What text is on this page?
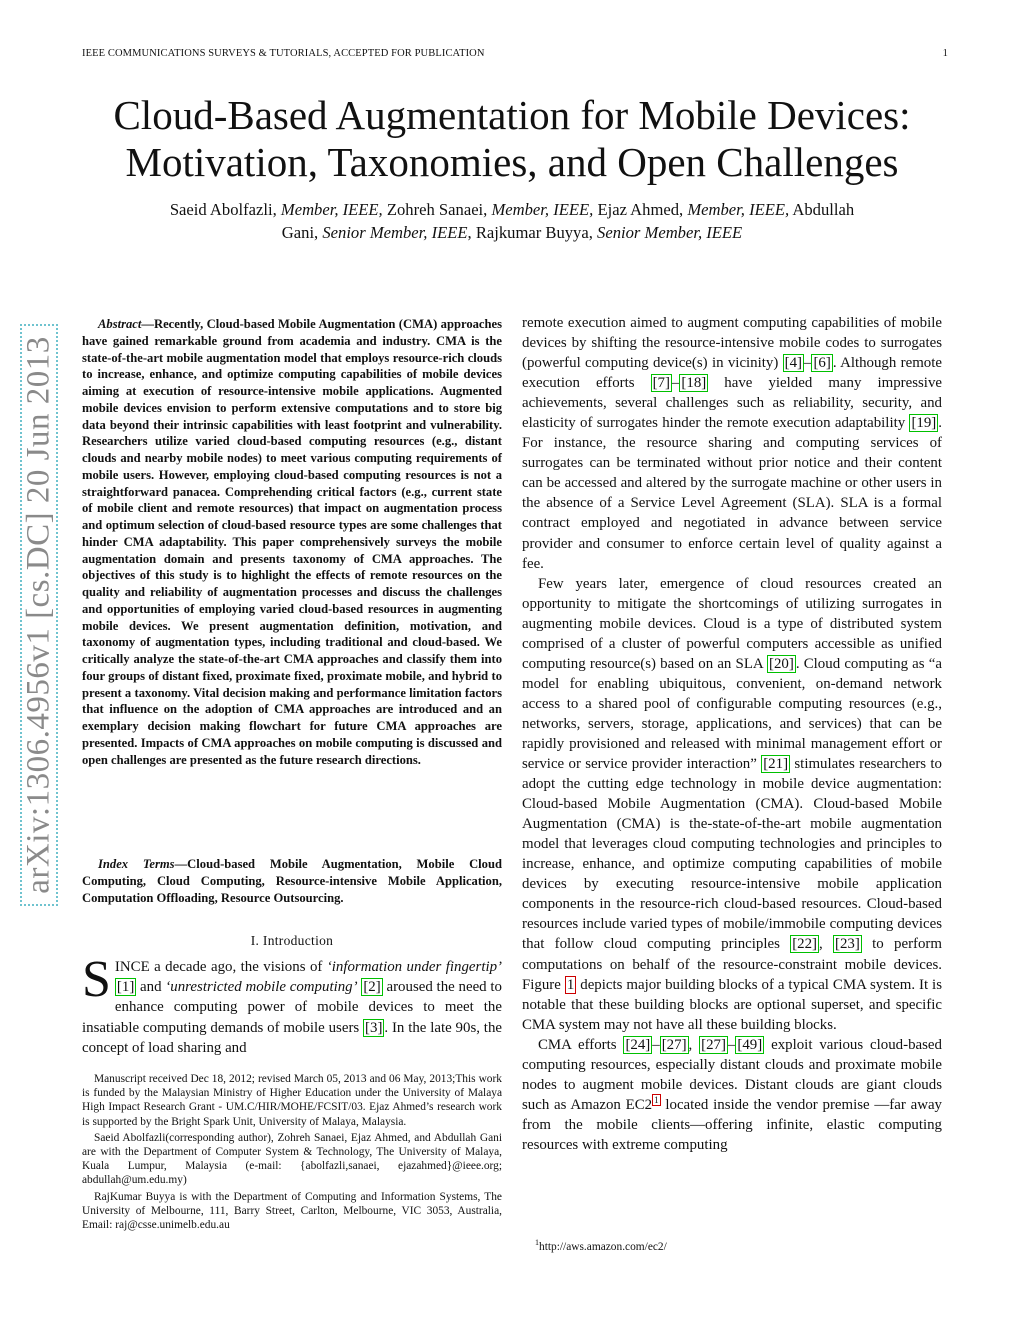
IEEE COMMUNICATIONS SURVEYS & TUTORIALS, ACCEPTED FOR PUBLICATION	1
Cloud-Based Augmentation for Mobile Devices:
Motivation, Taxonomies, and Open Challenges
Saeid Abolfazli, Member, IEEE, Zohreh Sanaei, Member, IEEE, Ejaz Ahmed, Member, IEEE, Abdullah
Gani, Senior Member, IEEE, Rajkumar Buyya, Senior Member, IEEE
arXiv:1306.4956v1 [cs.DC] 20 Jun 2013

Abstract—Recently, Cloud-based Mobile Augmentation (CMA) approaches have gained remarkable ground from academia and industry. CMA is the state-of-the-art mobile augmentation model that employs resource-rich clouds to increase, enhance, and optimize computing capabilities of mobile devices aiming at execution of resource-intensive mobile applications. Augmented mobile devices envision to perform extensive computations and to store big data beyond their intrinsic capabilities with least footprint and vulnerability. Researchers utilize varied cloud-based computing resources (e.g., distant clouds and nearby mobile nodes) to meet various computing requirements of mobile users. However, employing cloud-based computing resources is not a straightforward panacea. Comprehending critical factors (e.g., current state of mobile client and remote resources) that impact on augmentation process and optimum selection of cloud-based resource types are some challenges that hinder CMA adaptability. This paper comprehensively surveys the mobile augmentation domain and presents taxonomy of CMA approaches. The objectives of this study is to highlight the effects of remote resources on the quality and reliability of augmentation processes and discuss the challenges and opportunities of employing varied cloud-based resources in augmenting mobile devices. We present augmentation definition, motivation, and taxonomy of augmentation types, including traditional and cloud-based. We critically analyze the state-of-the-art CMA approaches and classify them into four groups of distant fixed, proximate fixed, proximate mobile, and hybrid to present a taxonomy. Vital decision making and performance limitation factors that influence on the adoption of CMA approaches are introduced and an exemplary decision making flowchart for future CMA approaches are presented. Impacts of CMA approaches on mobile computing is discussed and open challenges are presented as the future research directions.

Index Terms—Cloud-based Mobile Augmentation, Mobile Cloud Computing, Cloud Computing, Resource-intensive Mobile Application, Computation Offloading, Resource Outsourcing.

I. Introduction

SINCE a decade ago, the visions of ‘information under fingertip’ [1] and ‘unrestricted mobile computing’ [2] aroused the need to enhance computing power of mobile devices to meet the insatiable computing demands of mobile users [3] . In the late 90s, the concept of load sharing and

Manuscript received Dec 18, 2012; revised March 05, 2013 and 06 May, 2013;This work is funded by the Malaysian Ministry of Higher Education under the University of Malaya High Impact Research Grant - UM.C/HIR/MOHE/FCSIT/03. Ejaz Ahmed’s research work is supported by the Bright Spark Unit, University of Malaya, Malaysia.

Saeid Abolfazli(corresponding author), Zohreh Sanaei, Ejaz Ahmed, and Abdullah Gani are with the Department of Computer System & Technology, The University of Malaya, Kuala Lumpur, Malaysia (e-mail: {abolfazli,sanaei, ejazahmed}@ieee.org; abdullah@um.edu.my)

RajKumar Buyya is with the Department of Computing and Information Systems, The University of Melbourne, 111, Barry Street, Carlton, Melbourne, VIC 3053, Australia, Email: raj@csse.unimelb.edu.au

remote execution aimed to augment computing capabilities of mobile devices by shifting the resource-intensive mobile codes to surrogates (powerful computing device(s) in vicinity) [4] – [6] . Although remote execution efforts [7] – [18] have yielded many impressive achievements, several challenges such as reliability, security, and elasticity of surrogates hinder the remote execution adaptability [19] . For instance, the resource sharing and computing services of surrogates can be terminated without prior notice and their content can be accessed and altered by the surrogate machine or other users in the absence of a Service Level Agreement (SLA). SLA is a formal contract employed and negotiated in advance between service provider and consumer to enforce certain level of quality against a fee.

Few years later, emergence of cloud resources created an opportunity to mitigate the shortcomings of utilizing surrogates in augmenting mobile devices. Cloud is a type of distributed system comprised of a cluster of powerful computers accessible as unified computing resource(s) based on an SLA [20] . Cloud computing as “a model for enabling ubiquitous, convenient, on-demand network access to a shared pool of configurable computing resources (e.g., networks, servers, storage, applications, and services) that can be rapidly provisioned and released with minimal management effort or service or service provider interaction” [21] stimulates researchers to adopt the cutting edge technology in mobile device augmentation: Cloud-based Mobile Augmentation (CMA). Cloud-based Mobile Augmentation (CMA) is the-state-of-the-art mobile augmentation model that leverages cloud computing technologies and principles to increase, enhance, and optimize computing capabilities of mobile devices by executing resource-intensive mobile application components in the resource-rich cloud-based resources. Cloud-based resources include varied types of mobile/immobile computing devices that follow cloud computing principles [22] , [23] to perform computations on behalf of the resource-constraint mobile devices. Figure 1 depicts major building blocks of a typical CMA system. It is notable that these building blocks are optional superset, and specific CMA system may not have all these building blocks.

CMA efforts [24] – [27] , [27] – [49] exploit various cloud-based computing resources, especially distant clouds and proximate mobile nodes to augment mobile devices. Distant clouds are giant clouds such as Amazon EC2 $^1$ located inside the vendor premise —far away from the mobile clients—offering infinite, elastic computing resources with extreme computing

$^1$http://aws.amazon.com/ec2/
